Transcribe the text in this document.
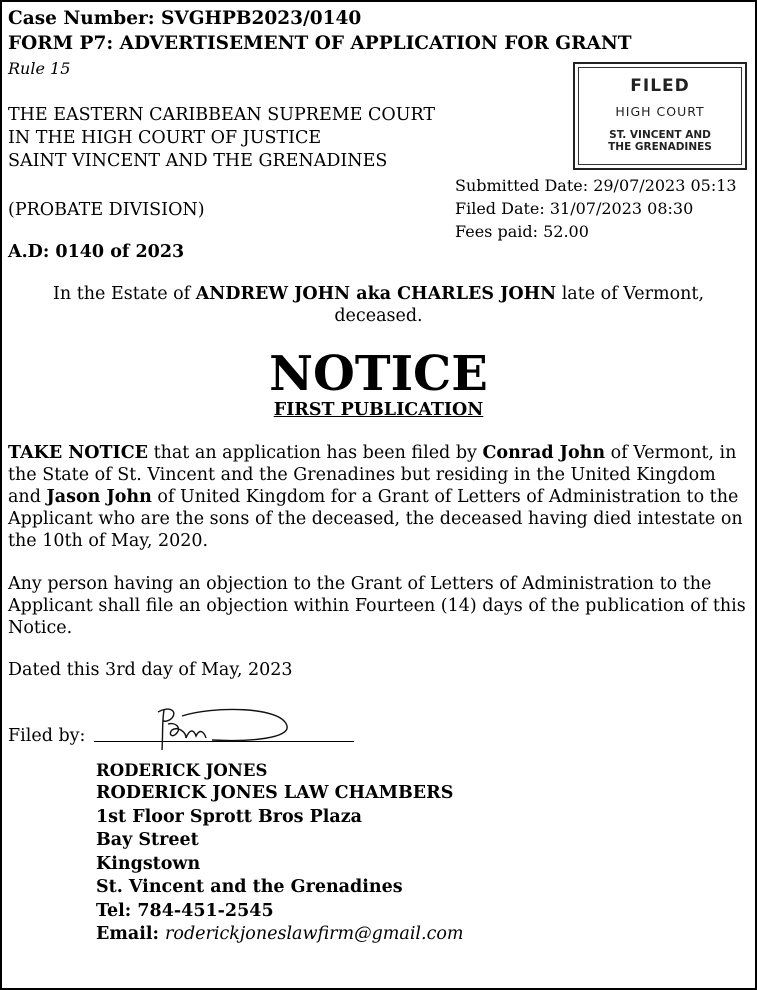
Case Number: SVGHPB2023/0140
FORM P7: ADVERTISEMENT OF APPLICATION FOR GRANT
Rule 15
THE EASTERN CARIBBEAN SUPREME COURT
IN THE HIGH COURT OF JUSTICE
SAINT VINCENT AND THE GRENADINES
(PROBATE DIVISION)
A.D: 0140 of 2023
FILED
HIGH COURT
ST. VINCENT AND
THE GRENADINES
Submitted Date: 29/07/2023 05:13
Filed Date: 31/07/2023 08:30
Fees paid: 52.00
In the Estate of ANDREW JOHN aka CHARLES JOHN late of Vermont,
deceased.
NOTICE
FIRST PUBLICATION
TAKE NOTICE that an application has been filed by Conrad John of Vermont, in the State of St. Vincent and the Grenadines but residing in the United Kingdom and Jason John of United Kingdom for a Grant of Letters of Administration to the Applicant who are the sons of the deceased, the deceased having died intestate on the 10th of May, 2020.
Any person having an objection to the Grant of Letters of Administration to the Applicant shall file an objection within Fourteen (14) days of the publication of this Notice.
Dated this 3rd day of May, 2023
Filed by:
RODERICK JONES
RODERICK JONES LAW CHAMBERS
1st Floor Sprott Bros Plaza
Bay Street
Kingstown
St. Vincent and the Grenadines
Tel: 784-451-2545
Email: roderickjoneslawfirm@gmail.com
